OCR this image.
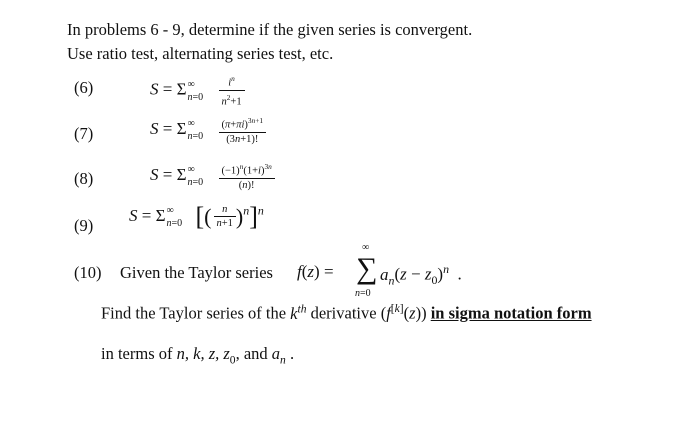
In problems 6 - 9, determine if the given series is convergent.
Use ratio test, alternating series test, etc.
(6)	S = Σ ∞
$n=0 \frac{i^n}{n^2+1}$
(7)	S = Σ ∞
$n=0 \frac{(\pi+\pi i)^{3n+1}}{(3n+1)!}$
(8)	S = Σ ∞
$n=0 \frac{(-1)^n(1+i)^{3n}}{(n)!}$
(9)
S = Σ ∞
n=0 [( $\frac{n}{n+1} )^n]^n$
(10) Given the Taylor series f(z) = ∑
∞
n=0
$a_n(z - z_0)^n$  .
Find the Taylor series of the $k^{th}$ derivative (f[k](z)) in sigma notation form
in terms of n, k, z, $z_0$, and $a_n$ .
